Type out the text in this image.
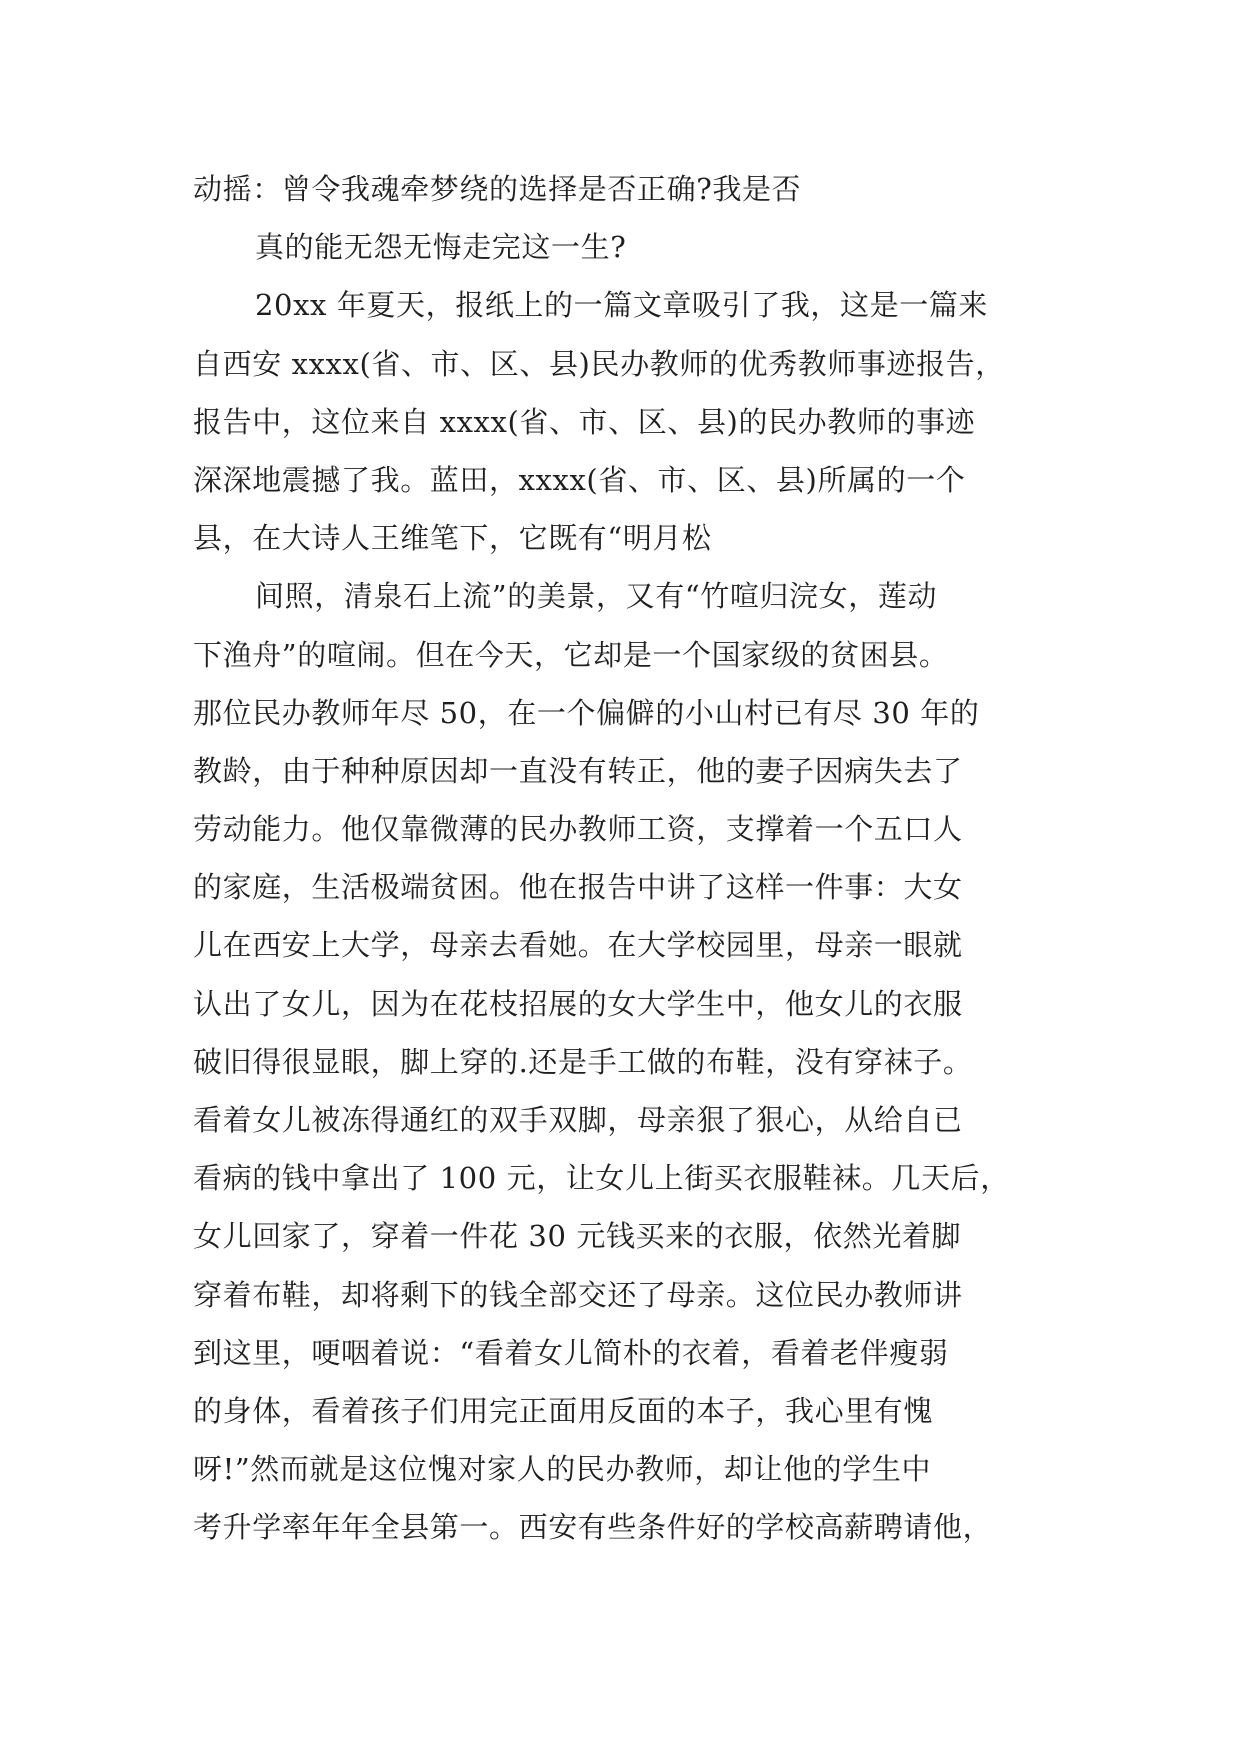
动摇：曾令我魂牵梦绕的选择是否正确?我是否
真的能无怨无悔走完这一生?
20xx 年夏天，报纸上的一篇文章吸引了我，这是一篇来
自西安 xxxx(省、市、区、县)民办教师的优秀教师事迹报告，
报告中，这位来自 xxxx(省、市、区、县)的民办教师的事迹
深深地震撼了我。蓝田，xxxx(省、市、区、县)所属的一个
县，在大诗人王维笔下，它既有“明月松
间照，清泉石上流”的美景，又有“竹喧归浣女，莲动
下渔舟”的喧闹。但在今天，它却是一个国家级的贫困县。
那位民办教师年尽 50，在一个偏僻的小山村已有尽 30 年的
教龄，由于种种原因却一直没有转正，他的妻子因病失去了
劳动能力。他仅靠微薄的民办教师工资，支撑着一个五口人
的家庭，生活极端贫困。他在报告中讲了这样一件事：大女
儿在西安上大学，母亲去看她。在大学校园里，母亲一眼就
认出了女儿，因为在花枝招展的女大学生中，他女儿的衣服
破旧得很显眼，脚上穿的.还是手工做的布鞋，没有穿袜子。
看着女儿被冻得通红的双手双脚，母亲狠了狠心，从给自已
看病的钱中拿出了 100 元，让女儿上街买衣服鞋袜。几天后，
女儿回家了，穿着一件花 30 元钱买来的衣服，依然光着脚
穿着布鞋，却将剩下的钱全部交还了母亲。这位民办教师讲
到这里，哽咽着说：“看着女儿简朴的衣着，看着老伴瘦弱
的身体，看着孩子们用完正面用反面的本子，我心里有愧
呀!”然而就是这位愧对家人的民办教师，却让他的学生中
考升学率年年全县第一。西安有些条件好的学校高薪聘请他，
